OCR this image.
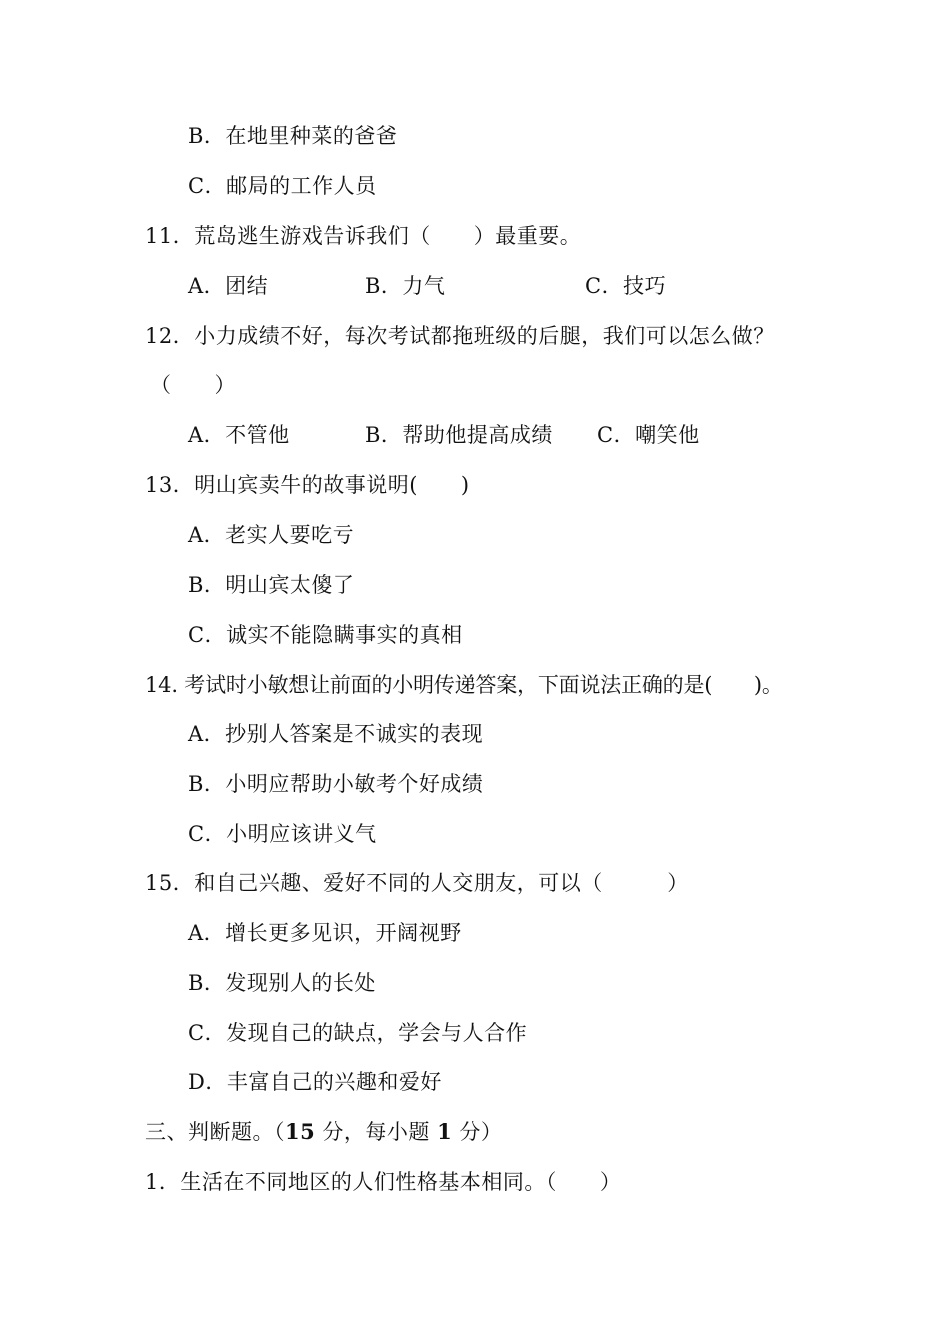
B．在地里种菜的爸爸
C．邮局的工作人员
11．荒岛逃生游戏告诉我们（　　）最重要。
A．团结	B．力气	C．技巧
12．小力成绩不好，每次考试都拖班级的后腿，我们可以怎么做？
（　　）
A．不管他	B．帮助他提高成绩 C．嘲笑他
13．明山宾卖牛的故事说明(　　)
A．老实人要吃亏
B．明山宾太傻了
C．诚实不能隐瞒事实的真相
14. 考试时小敏想让前面的小明传递答案，下面说法正确的是(　　)。
A．抄别人答案是不诚实的表现
B．小明应帮助小敏考个好成绩
C．小明应该讲义气
15．和自己兴趣、爱好不同的人交朋友，可以（　　　）
A．增长更多见识，开阔视野
B．发现别人的长处
C．发现自己的缺点，学会与人合作
D．丰富自己的兴趣和爱好
三、判断题。（15 分，每小题 1 分）
1．生活在不同地区的人们性格基本相同。（　　）
